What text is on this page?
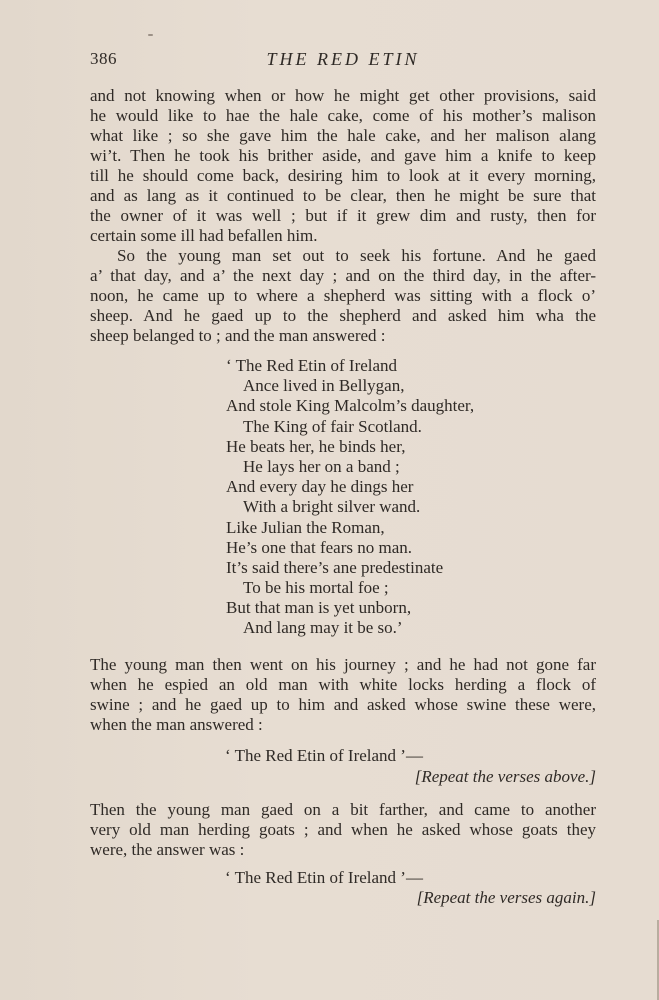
386	THE RED ETIN
and not knowing when or how he might get other provisions, said
he would like to hae the hale cake, come of his mother’s malison
what like ; so she gave him the hale cake, and her malison alang
wi’t. Then he took his brither aside, and gave him a knife to keep
till he should come back, desiring him to look at it every morning,
and as lang as it continued to be clear, then he might be sure that
the owner of it was well ; but if it grew dim and rusty, then for
certain some ill had befallen him.
So the young man set out to seek his fortune. And he gaed
a’ that day, and a’ the next day ; and on the third day, in the after-
noon, he came up to where a shepherd was sitting with a flock o’
sheep. And he gaed up to the shepherd and asked him wha the
sheep belanged to ; and the man answered :
‘ The Red Etin of Ireland
Ance lived in Bellygan,
And stole King Malcolm’s daughter,
The King of fair Scotland.
He beats her, he binds her,
He lays her on a band ;
And every day he dings her
With a bright silver wand.
Like Julian the Roman,
He’s one that fears no man.
It’s said there’s ane predestinate
To be his mortal foe ;
But that man is yet unborn,
And lang may it be so.’
The young man then went on his journey ; and he had not gone far
when he espied an old man with white locks herding a flock of
swine ; and he gaed up to him and asked whose swine these were,
when the man answered :
‘ The Red Etin of Ireland ’—
[Repeat the verses above.]
Then the young man gaed on a bit farther, and came to another
very old man herding goats ; and when he asked whose goats they
were, the answer was :
‘ The Red Etin of Ireland ’—
[Repeat the verses again.]
